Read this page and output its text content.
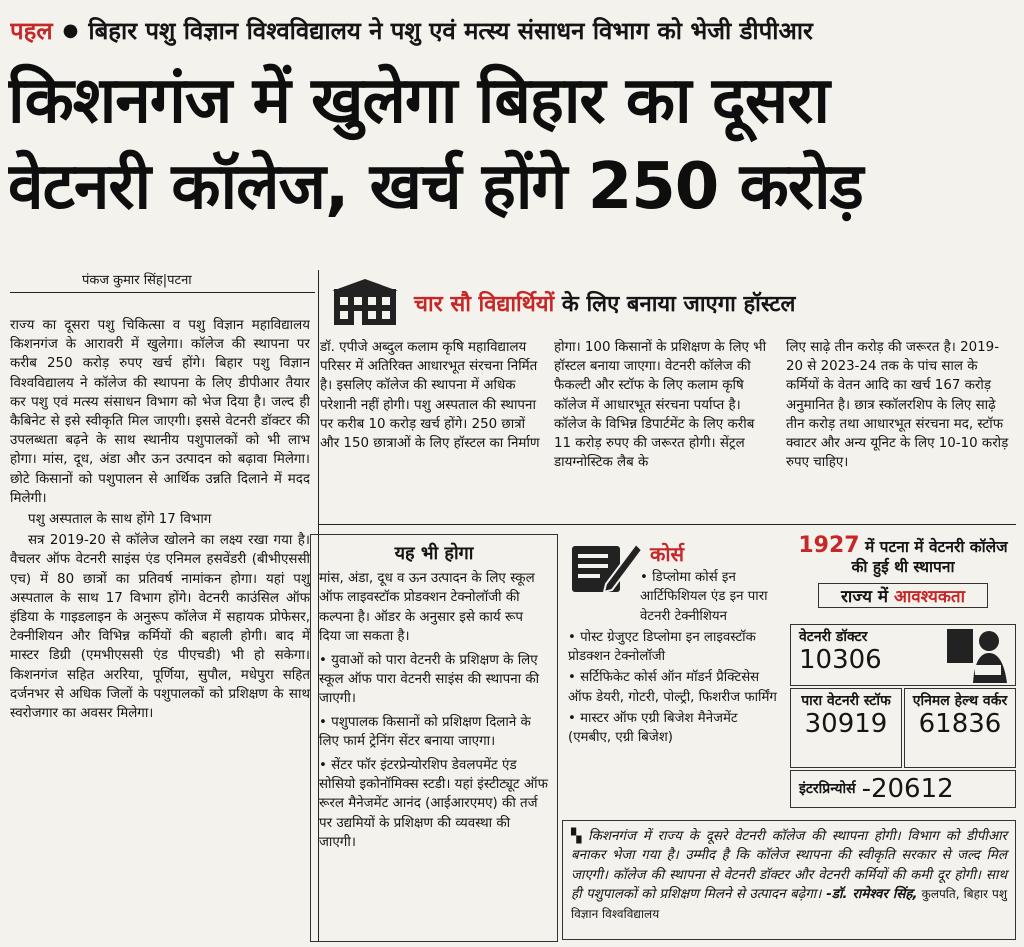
पहल ● बिहार पशु विज्ञान विश्वविद्यालय ने पशु एवं मत्स्य संसाधन विभाग को भेजी डीपीआर
किशनगंज में खुलेगा बिहार का दूसरा
वेटनरी कॉलेज, खर्च होंगे 250 करोड़
पंकज कुमार सिंह|पटना

राज्य का दूसरा पशु चिकित्सा व पशु विज्ञान महाविद्यालय किशनगंज के आरावरी में खुलेगा। कॉलेज की स्थापना पर करीब 250 करोड़ रुपए खर्च होंगे। बिहार पशु विज्ञान विश्वविद्यालय ने कॉलेज की स्थापना के लिए डीपीआर तैयार कर पशु एवं मत्स्य संसाधन विभाग को भेज दिया है। जल्द ही कैबिनेट से इसे स्वीकृति मिल जाएगी। इससे वेटनरी डॉक्टर की उपलब्धता बढ़ने के साथ स्थानीय पशुपालकों को भी लाभ होगा। मांस, दूध, अंडा और ऊन उत्पादन को बढ़ावा मिलेगा। छोटे किसानों को पशुपालन से आर्थिक उन्नति दिलाने में मदद मिलेगी।

पशु अस्पताल के साथ होंगे 17 विभाग

सत्र 2019-20 से कॉलेज खोलने का लक्ष्य रखा गया है। वैचलर ऑफ वेटनरी साइंस एंड एनिमल हसवेंडरी (बीभीएससी एच) में 80 छात्रों का प्रतिवर्ष नामांकन होगा। यहां पशु अस्पताल के साथ 17 विभाग होंगे। वेटनरी काउंसिल ऑफ इंडिया के गाइडलाइन के अनुरूप कॉलेज में सहायक प्रोफेसर, टेक्नीशियन और विभिन्न कर्मियों की बहाली होगी। बाद में मास्टर डिग्री (एमभीएससी एंड पीएचडी) भी हो सकेगा। किशनगंज सहित अररिया, पूर्णिया, सुपौल, मधेपुरा सहित दर्जनभर से अधिक जिलों के पशुपालकों को प्रशिक्षण के साथ स्वरोजगार का अवसर मिलेगा।

चार सौ विद्यार्थियों के लिए बनाया जाएगा हॉस्टल

डॉ. एपीजे अब्दुल कलाम कृषि महाविद्यालय परिसर में अतिरिक्त आधारभूत संरचना निर्मित है। इसलिए कॉलेज की स्थापना में अधिक परेशानी नहीं होगी। पशु अस्पताल की स्थापना पर करीब 10 करोड़ खर्च होंगे। 250 छात्रों और 150 छात्राओं के लिए हॉस्टल का निर्माण

होगा। 100 किसानों के प्रशिक्षण के लिए भी हॉस्टल बनाया जाएगा। वेटनरी कॉलेज की फैकल्टी और स्टॉफ के लिए कलाम कृषि कॉलेज में आधारभूत संरचना पर्याप्त है। कॉलेज के विभिन्न डिपार्टमेंट के लिए करीब 11 करोड़ रुपए की जरूरत होगी। सेंट्रल डायग्नोस्टिक लैब के

लिए साढ़े तीन करोड़ की जरूरत है। 2019-20 से 2023-24 तक के पांच साल के कर्मियों के वेतन आदि का खर्च 167 करोड़ अनुमानित है। छात्र स्कॉलरशिप के लिए साढ़े तीन करोड़ तथा आधारभूत संरचना मद, स्टॉफ क्वाटर और अन्य यूनिट के लिए 10-10 करोड़ रुपए चाहिए।

यह भी होगा
मांस, अंडा, दूध व ऊन उत्पादन के लिए स्कूल ऑफ लाइवस्टॉक प्रोडक्शन टेक्नोलॉजी की कल्पना है। ऑडर के अनुसार इसे कार्य रूप दिया जा सकता है।
• युवाओं को पारा वेटनरी के प्रशिक्षण के लिए स्कूल ऑफ पारा वेटनरी साइंस की स्थापना की जाएगी।
• पशुपालक किसानों को प्रशिक्षण दिलाने के लिए फार्म ट्रेनिंग सेंटर बनाया जाएगा।
• सेंटर फॉर इंटरप्रेन्योरशिप डेवलपमेंट एंड सोसियो इकोनॉमिक्स स्टडी। यहां इंस्टीट्यूट ऑफ रूरल मैनेजमेंट आनंद (आईआरएमए) की तर्ज पर उद्यमियों के प्रशिक्षण की व्यवस्था की जाएगी।
कोर्स
• डिप्लोमा कोर्स इन आर्टिफिशियल एंड इन पारा वेटनरी टेक्नीशियन
• पोस्ट ग्रेजुएट डिप्लोमा इन लाइवस्टॉक प्रोडक्शन टेक्नोलॉजी
• सर्टिफिकेट कोर्स ऑन मॉडर्न प्रैक्टिसेस ऑफ डेयरी, गोटरी, पोल्ट्री, फिशरीज फार्मिंग
• मास्टर ऑफ एग्री बिजेश मैनेजमेंट (एमबीए, एग्री बिजेश)
1927 में पटना में वेटनरी कॉलेज की हुई थी स्थापना
राज्य में आवश्यकता
वेटनरी डॉक्टर
10306
पारा वेटनरी स्टॉफ
30919
एनिमल हेल्थ वर्कर
61836
इंटरप्रिन्योर्स -20612
▚ किशनगंज में राज्य के दूसरे वेटनरी कॉलेज की स्थापना होगी। विभाग को डीपीआर बनाकर भेजा गया है। उम्मीद है कि कॉलेज स्थापना की स्वीकृति सरकार से जल्द मिल जाएगी। कॉलेज की स्थापना से वेटनरी डॉक्टर और वेटनरी कर्मियों की कमी दूर होगी। साथ ही पशुपालकों को प्रशिक्षण मिलने से उत्पादन बढ़ेगा। -डॉ. रामेश्वर सिंह, कुलपति, बिहार पशु विज्ञान विश्वविद्यालय
